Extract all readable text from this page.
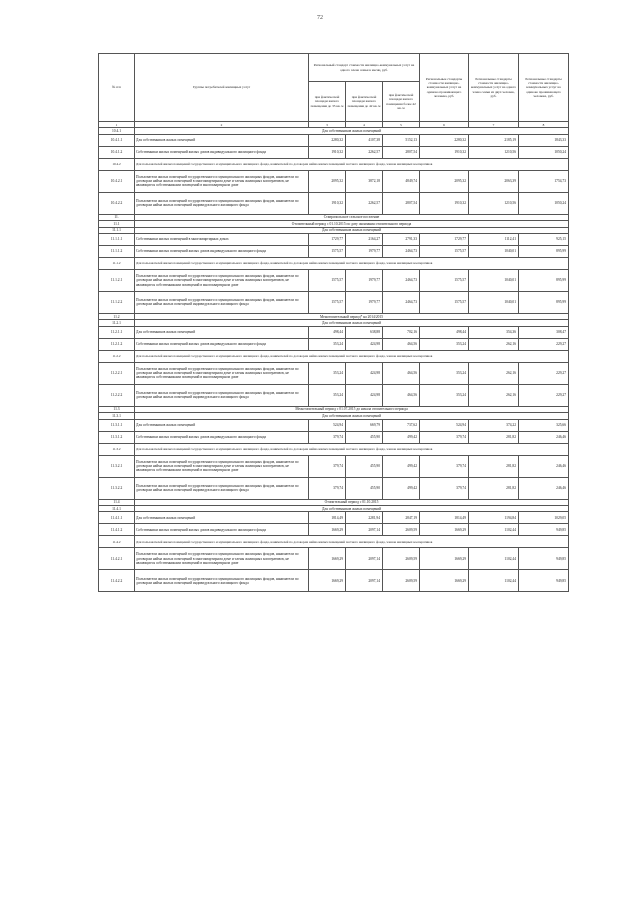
72
№ п/п	Группы потребителей жилищных услуг	Региональный стандарт стоимости жилищно-коммунальных услуг на одного члена семьи в месяц, руб.			Региональные стандарты стоимости жилищно-коммунальных услуг на одиноко проживающего человека, руб.	Региональные стандарты стоимости жилищно-коммунальных услуг на одного члена семьи из двух человек, руб.	Региональные стандарты стоимости жилищно-коммунальных услуг на одиноко проживающего человека, руб.
		при фактической площади жилого помещения до 33 кв. м	при фактической площади жилого помещения до 42 кв. м	при фактической площади жилого помещения более 42 кв. м			
1	2	3	4	5	6	7	8
10.4.1	Для собственников жилых помещений						
10.4.1.1	Для собственников жилых помещений	2280,32	4107,38	5152,13	2280,32	2185,19	1843,33
10.4.1.2	Собственники жилых помещений жилых домов индивидуального жилищного фонда	1910,32	2262,57	2807,54	1910,32	1210,56	1050,24
10.4.2	Для пользователей жилых помещений государственного и муниципального жилищного фонда, нанимателей по договорам найма жилых помещений частного жилищного фонда, членов жилищных кооперативов						
10.4.2.1	Пользователи жилых помещений государственного и муниципального жилищных фондов, наниматели по договорам найма жилых помещений в многоквартирном доме и члены жилищных кооперативов, не являющиеся собственниками помещений в многоквартирном доме	2095,32	3872,18	4849,74	2095,32	2063,39	1754,73
10.4.2.2	Пользователи жилых помещений государственного и муниципального жилищных фондов, наниматели по договорам найма жилых помещений индивидуального жилищного фонда	1910,32	2262,57	2807,54	1910,32	1210,56	1050,24
11.	Ставропольское сельское поселение						
11.1	Отопительный период с 01.10.2015 по дату окончания отопительного периода						
11.1.1	Для собственников жилых помещений						
11.1.1.1	Собственники жилых помещений в многоквартирных домах	1729,77	2164,27	2791,33	1729,77	1112,41	925,15
11.1.1.2	Собственники жилых помещений жилых домов индивидуального жилищного фонда	1575,57	1979,77	2464,73	1575,57	1040,01	895,99
11.1.2	Для пользователей жилых помещений государственного и муниципального жилищного фонда, нанимателей по договорам найма жилых помещений частного жилищного фонда, членов жилищных кооперативов						
11.1.2.1	Пользователи жилых помещений государственного и муниципального жилищных фондов, наниматели по договорам найма жилых помещений в многоквартирном доме и члены жилищных кооперативов, не являющиеся собственниками помещений в многоквартирном доме	1575,57	1979,77	2464,73	1575,57	1040,01	895,99
11.1.2.2	Пользователи жилых помещений государственного и муниципального жилищных фондов, наниматели по договорам найма жилых помещений индивидуального жилищного фонда	1575,57	1979,77	2464,73	1575,57	1040,01	895,99
11.2	Межотопительный период* на 2014/2015						
11.2.1	Для собственников жилых помещений						
11.2.1.1	Для собственников жилых помещений	498,44	638,88	702,16	498,44	354,36	308,47
11.2.1.2	Собственники жилых помещений жилых домов индивидуального жилищного фонда	353,24	424,98	464,56	353,24	262,16	229,27
11.2.2	Для пользователей жилых помещений государственного и муниципального жилищного фонда, нанимателей по договорам найма жилых помещений частного жилищного фонда, членов жилищных кооперативов						
11.2.2.1	Пользователи жилых помещений государственного и муниципального жилищных фондов, наниматели по договорам найма жилых помещений в многоквартирном доме и члены жилищных кооперативов, не являющиеся собственниками помещений в многоквартирном доме	353,24	424,98	464,56	353,24	262,16	229,27
11.2.2.2	Пользователи жилых помещений государственного и муниципального жилищных фондов, наниматели по договорам найма жилых помещений индивидуального жилищного фонда	353,24	424,98	464,56	353,24	262,16	229,27
11.3	Межотопительный период с 01.07.2015 до начала отопительного периода						
11.3.1	Для собственников жилых помещений						
11.3.1.1	Для собственников жилых помещений	524,94	669,79	737,62	524,94	374,22	325,66
11.3.1.2	Собственники жилых помещений жилых домов индивидуального жилищного фонда	379,74	455,90	499,42	379,74	281,82	246,46
11.3.2	Для пользователей жилых помещений государственного и муниципального жилищного фонда, нанимателей по договорам найма жилых помещений частного жилищного фонда, членов жилищных кооперативов						
11.3.2.1	Пользователи жилых помещений государственного и муниципального жилищных фондов, наниматели по договорам найма жилых помещений в многоквартирном доме и члены жилищных кооперативов, не являющиеся собственниками помещений в многоквартирном доме	379,74	455,90	499,42	379,74	281,82	246,46
11.3.2.2	Пользователи жилых помещений государственного и муниципального жилищных фондов, наниматели по договорам найма жилых помещений индивидуального жилищного фонда	379,74	455,90	499,42	379,74	281,82	246,46
11.4	Отопительный период с 01.10.2015						
11.4.1	Для собственников жилых помещений						
11.4.1.1	Для собственников жилых помещений	1814,49	2281,94	2847,19	1814,49	1194,84	1029,05
11.4.1.2	Собственники жилых помещений жилых домов индивидуального жилищного фонда	1669,29	2097,14	2609,59	1669,29	1102,44	949,85
11.4.2	Для пользователей жилых помещений государственного и муниципального жилищного фонда, нанимателей по договорам найма жилых помещений частного жилищного фонда, членов жилищных кооперативов						
11.4.2.1	Пользователи жилых помещений государственного и муниципального жилищных фондов, наниматели по договорам найма жилых помещений в многоквартирном доме и члены жилищных кооперативов, не являющиеся собственниками помещений в многоквартирном доме	1669,29	2097,14	2609,59	1669,29	1102,44	949,85
11.4.2.2	Пользователи жилых помещений государственного и муниципального жилищных фондов, наниматели по договорам найма жилых помещений индивидуального жилищного фонда	1669,29	2097,14	2609,59	1669,29	1102,44	949,85
